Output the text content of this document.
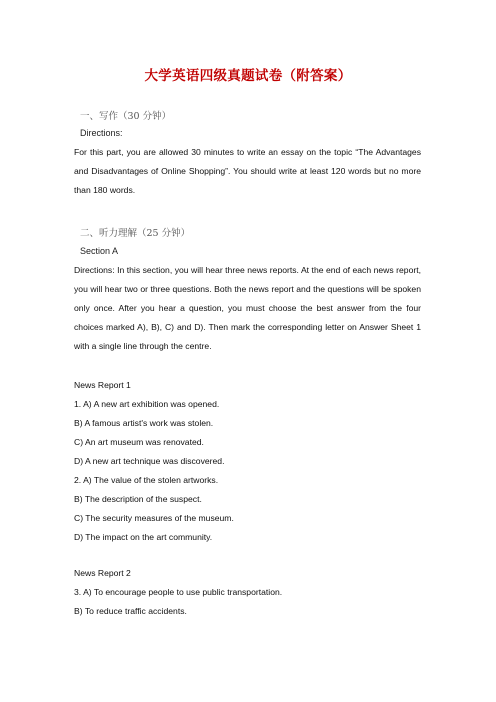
大学英语四级真题试卷（附答案）
一、写作（30 分钟）
Directions:
For this part, you are allowed 30 minutes to write an essay on the topic “The Advantages and Disadvantages of Online Shopping”. You should write at least 120 words but no more than 180 words.
二、听力理解（25 分钟）
Section A
Directions: In this section, you will hear three news reports. At the end of each news report, you will hear two or three questions. Both the news report and the questions will be spoken only once. After you hear a question, you must choose the best answer from the four choices marked A), B), C) and D). Then mark the corresponding letter on Answer Sheet 1 with a single line through the centre.
News Report 1
1. A) A new art exhibition was opened.
B) A famous artist's work was stolen.
C) An art museum was renovated.
D) A new art technique was discovered.
2. A) The value of the stolen artworks.
B) The description of the suspect.
C) The security measures of the museum.
D) The impact on the art community.
News Report 2
3. A) To encourage people to use public transportation.
B) To reduce traffic accidents.
